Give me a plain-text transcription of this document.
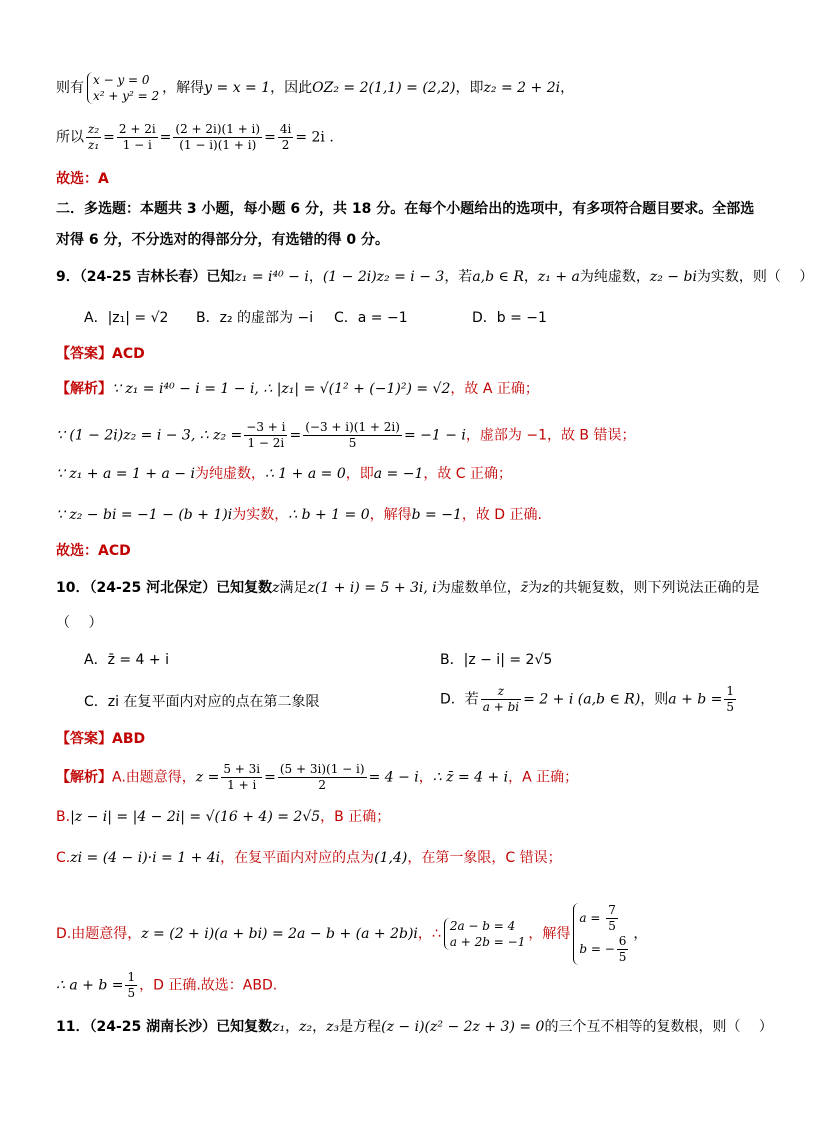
则有 x − y = 0
x² + y² = 2 ，解得y = x = 1，因此OZ₂ = 2(1,1) = (2,2)，即z₂ = 2 + 2i，
所以 $\frac{\text{z₂}}{\text{z₁}} = \frac{2 + 2i}{1 - i} = \frac{(2 + 2i)(1 + i)}{(1 - i)(1 + i)} = \frac{4i}{2} = 2i$ .
故选：A
二．多选题：本题共 3 小题，每小题 6 分，共 18 分。在每个小题给出的选项中，有多项符合题目要求。全部选
对得 6 分，不分选对的得部分分，有选错的得 0 分。
9．（24-25 吉林长春）已知z₁ = i⁴⁰ − i，(1 − 2i)z₂ = i − 3，若a,b ∈ R，z₁ + a为纯虚数，z₂ − bi为实数，则（　 ）
A．|z₁| = √2 B．z₂ 的虚部为 −i C．a = −1	D．b = −1
【答案】ACD
【解析】∵ z₁ = i⁴⁰ − i = 1 − i, ∴ |z₁| = √(1² + (−1)²) = √2，故 A 正确；
∵ (1 − 2i)z₂ = i − 3, ∴ $z_2 = \frac{-3 + i}{1 - 2i} = \frac{(-3 + i)(1 + 2i)}{5} = -1 - i$，虚部为 −1，故 B 错误；
∵ z₁ + a = 1 + a − i为纯虚数，∴ 1 + a = 0，即a = −1，故 C 正确；
∵ z₂ − bi = −1 − (b + 1)i为实数，∴ b + 1 = 0，解得b = −1，故 D 正确.
故选：ACD
10．（24-25 河北保定）已知复数z满足z(1 + i) = 5 + 3i, i为虚数单位，z̄为z的共轭复数，则下列说法正确的是
（　 ）
A．z̄ = 4 + i	B．|z − i| = 2√5
C．zi 在复平面内对应的点在第二象限	D．若 $\frac{z}{a + bi} = 2 + i$ (a,b ∈ R)，则$a + b = \frac{1}{5}$
【答案】ABD
【解析】A.由题意得，$z = \frac{5 + 3i}{1 + i} = \frac{(5 + 3i)(1 - i)}{2} = 4 - i$，∴ z̄ = 4 + i，A 正确；
B.|z − i| = |4 − 2i| = √(16 + 4) = 2√5，B 正确；
C.zi = (4 − i)·i = 1 + 4i，在复平面内对应的点为(1,4)，在第一象限，C 错误；
D.由题意得，z = (2 + i)(a + bi) = 2a − b + (a + 2b)i，∴ 2a − b = 4
a + 2b = −1 ，解得
$a = \frac{7}{5}$
b = − $\frac{6}{5}$ ，
∴ $a + b = \frac{1}{5}$ ，D 正确.故选：ABD.
11．（24-25 湖南长沙）已知复数z₁，z₂，z₃是方程(z − i)(z² − 2z + 3) = 0的三个互不相等的复数根，则（　 ）
